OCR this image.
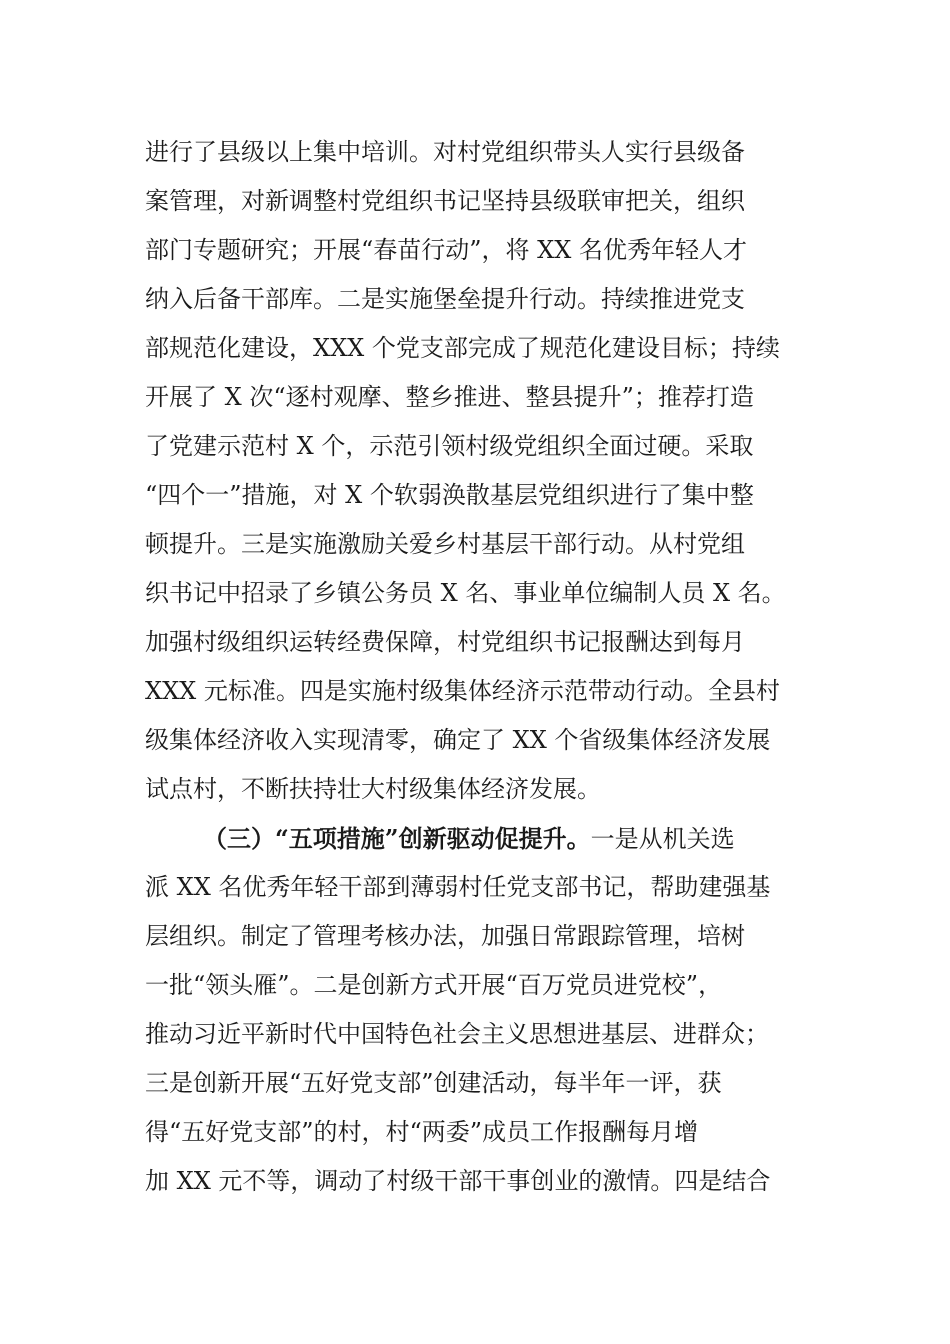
进行了县级以上集中培训。对村党组织带头人实行县级备
案管理，对新调整村党组织书记坚持县级联审把关，组织
部门专题研究；开展“春苗行动”，将 XX 名优秀年轻人才
纳入后备干部库。二是实施堡垒提升行动。持续推进党支
部规范化建设，XXX 个党支部完成了规范化建设目标；持续
开展了 X 次“逐村观摩、整乡推进、整县提升”；推荐打造
了党建示范村 X 个，示范引领村级党组织全面过硬。采取
“四个一”措施，对 X 个软弱涣散基层党组织进行了集中整
顿提升。三是实施激励关爱乡村基层干部行动。从村党组
织书记中招录了乡镇公务员 X 名、事业单位编制人员 X 名。
加强村级组织运转经费保障，村党组织书记报酬达到每月
XXX 元标准。四是实施村级集体经济示范带动行动。全县村
级集体经济收入实现清零，确定了 XX 个省级集体经济发展
试点村，不断扶持壮大村级集体经济发展。
（三）“五项措施”创新驱动促提升。一是从机关选
派 XX 名优秀年轻干部到薄弱村任党支部书记，帮助建强基
层组织。制定了管理考核办法，加强日常跟踪管理，培树
一批“领头雁”。二是创新方式开展“百万党员进党校”，
推动习近平新时代中国特色社会主义思想进基层、进群众；
三是创新开展“五好党支部”创建活动，每半年一评，获
得“五好党支部”的村，村“两委”成员工作报酬每月增
加 XX 元不等，调动了村级干部干事创业的激情。四是结合
